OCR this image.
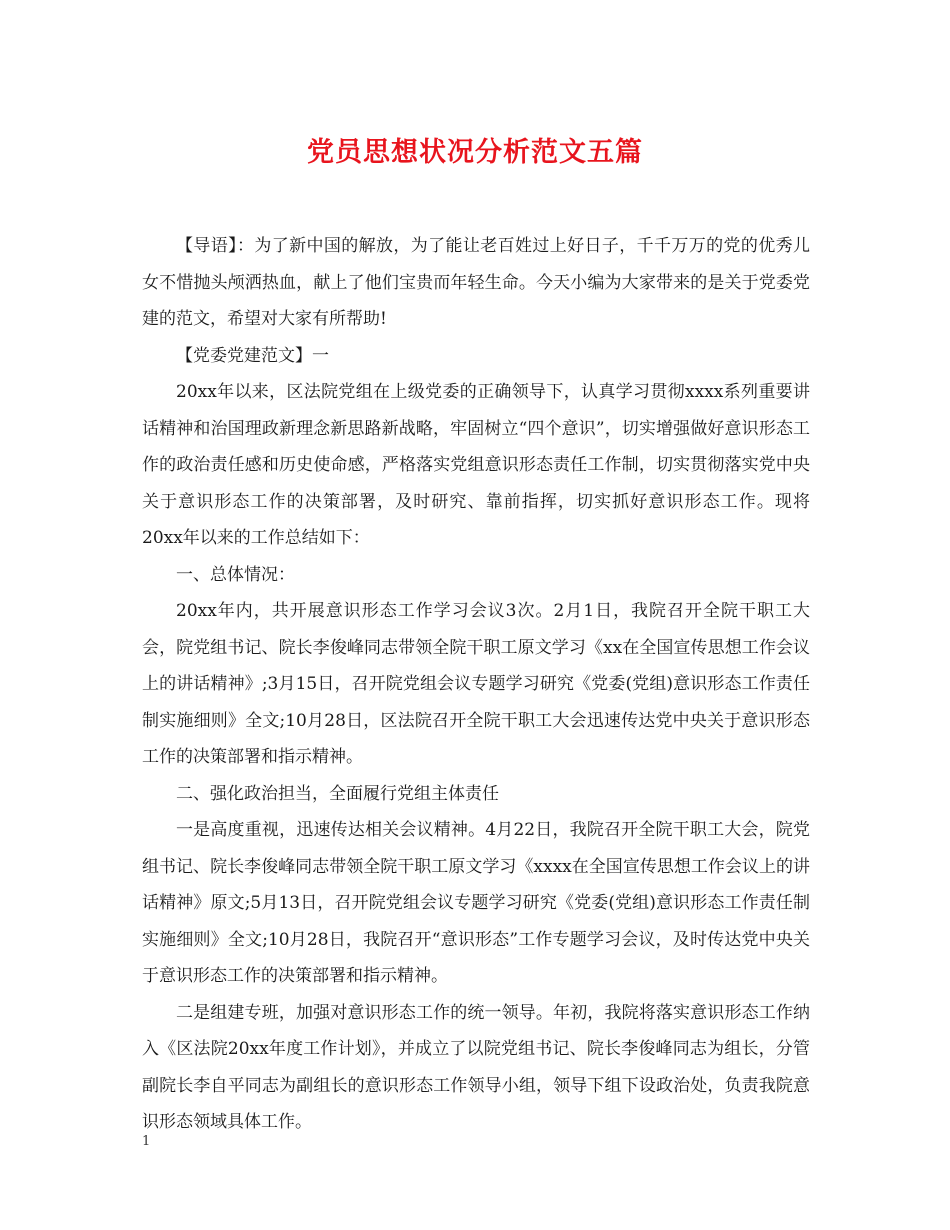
党员思想状况分析范文五篇

【导语】：为了新中国的解放，为了能让老百姓过上好日子，千千万万的党的优秀儿女不惜抛头颅洒热血，献上了他们宝贵而年轻生命。今天小编为大家带来的是关于党委党建的范文，希望对大家有所帮助!

【党委党建范文】一

20xx年以来，区法院党组在上级党委的正确领导下，认真学习贯彻xxxx系列重要讲话精神和治国理政新理念新思路新战略，牢固树立“四个意识”，切实增强做好意识形态工作的政治责任感和历史使命感，严格落实党组意识形态责任工作制，切实贯彻落实党中央关于意识形态工作的决策部署，及时研究、靠前指挥，切实抓好意识形态工作。现将20xx年以来的工作总结如下：

一、总体情况：

20xx年内，共开展意识形态工作学习会议3次。2月1日，我院召开全院干职工大会，院党组书记、院长李俊峰同志带领全院干职工原文学习《xx在全国宣传思想工作会议上的讲话精神》;3月15日，召开院党组会议专题学习研究《党委(党组)意识形态工作责任制实施细则》全文;10月28日，区法院召开全院干职工大会迅速传达党中央关于意识形态工作的决策部署和指示精神。

二、强化政治担当，全面履行党组主体责任

一是高度重视，迅速传达相关会议精神。4月22日，我院召开全院干职工大会，院党组书记、院长李俊峰同志带领全院干职工原文学习《xxxx在全国宣传思想工作会议上的讲话精神》原文;5月13日，召开院党组会议专题学习研究《党委(党组)意识形态工作责任制实施细则》全文;10月28日，我院召开“意识形态”工作专题学习会议，及时传达党中央关于意识形态工作的决策部署和指示精神。

二是组建专班，加强对意识形态工作的统一领导。年初，我院将落实意识形态工作纳入《区法院20xx年度工作计划》，并成立了以院党组书记、院长李俊峰同志为组长，分管副院长李自平同志为副组长的意识形态工作领导小组，领导下组下设政治处，负责我院意识形态领域具体工作。

1
